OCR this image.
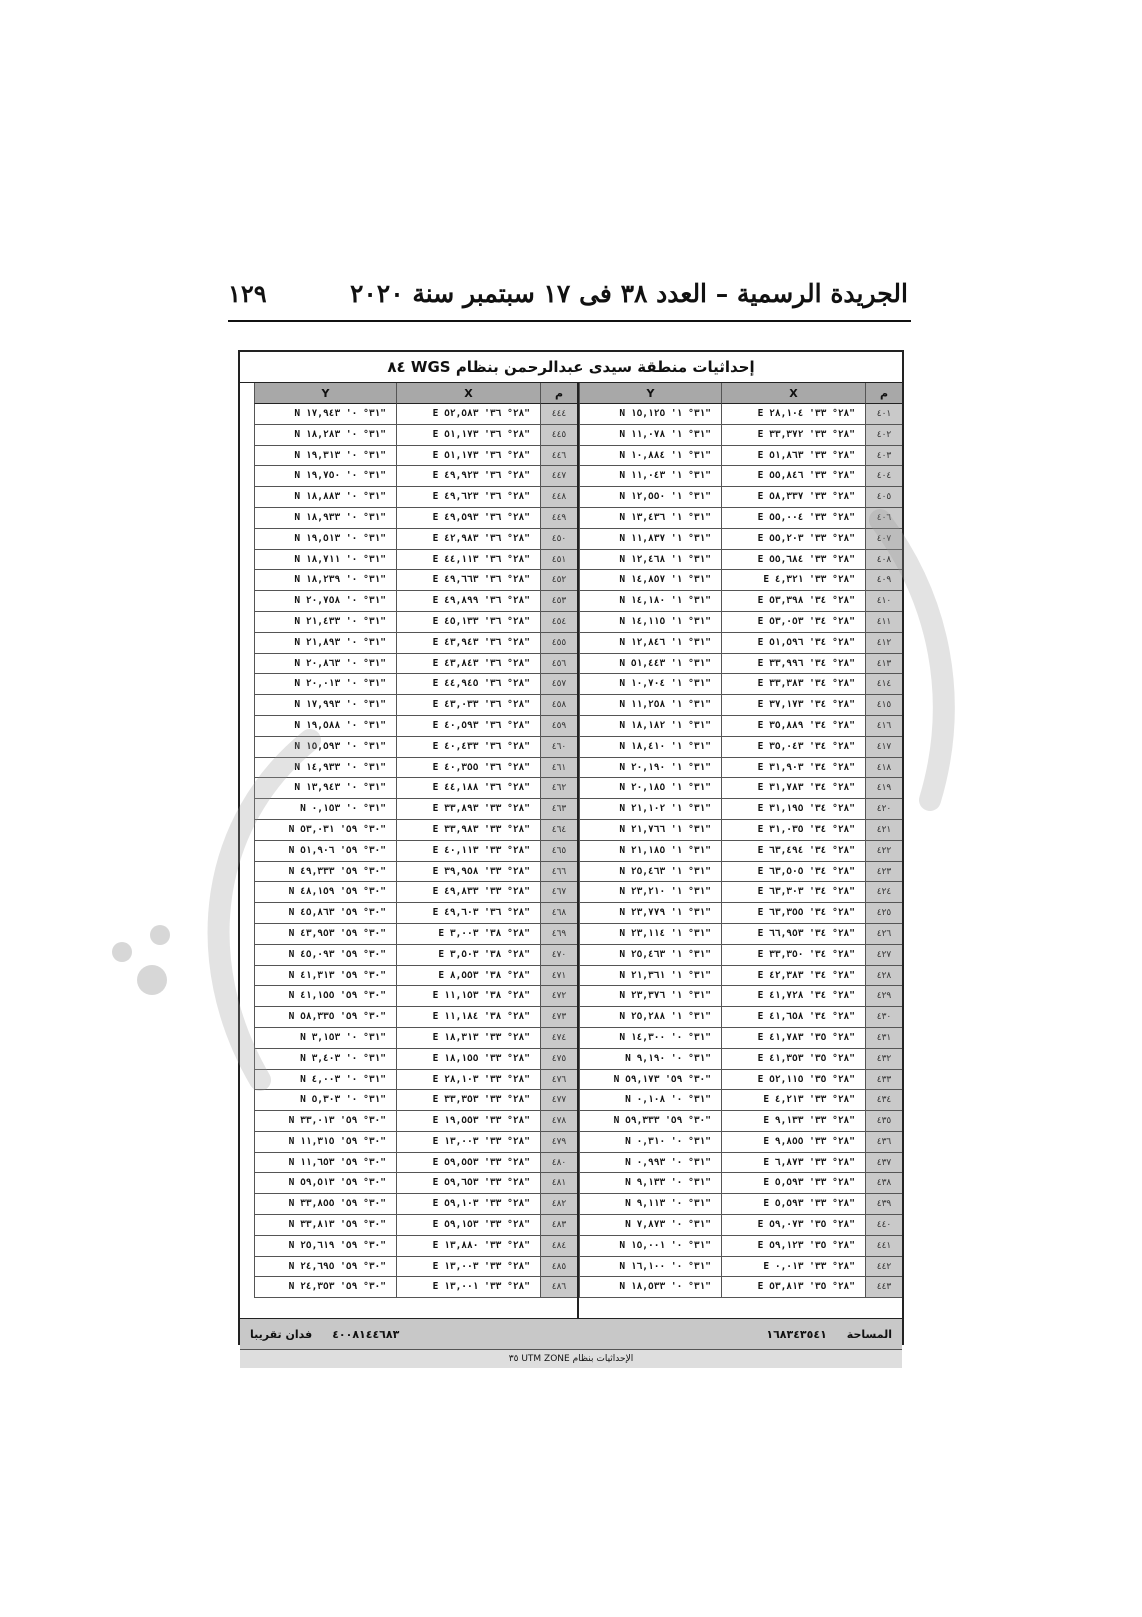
١٢٩	الجريدة الرسمية – العدد ٣٨ فى ١٧ سبتمبر سنة ٢٠٢٠
إحداثيات منطقة سيدى عبدالرحمن بنظام WGS ٨٤
م
٤٠١
٤٠٢
٤٠٣
٤٠٤
٤٠٥
٤٠٦
٤٠٧
٤٠٨
٤٠٩
٤١٠
٤١١
٤١٢
٤١٣
٤١٤
٤١٥
٤١٦
٤١٧
٤١٨
٤١٩
٤٢٠
٤٢١
٤٢٢
٤٢٣
٤٢٤
٤٢٥
٤٢٦
٤٢٧
٤٢٨
٤٢٩
٤٣٠
٤٣١
٤٣٢
٤٣٣
٤٣٤
٤٣٥
٤٣٦
٤٣٧
٤٣٨
٤٣٩
٤٤٠
٤٤١
٤٤٢
٤٤٣
X
E ٢٨° ٣٣' ٢٨,١٠٤"
E ٢٨° ٣٣' ٣٣,٣٧٢"
E ٢٨° ٣٣' ٥١,٨٦٣"
E ٢٨° ٣٣' ٥٥,٨٤٦"
E ٢٨° ٣٣' ٥٨,٣٣٧"
E ٢٨° ٣٣' ٥٥,٠٠٤"
E ٢٨° ٣٣' ٥٥,٢٠٣"
E ٢٨° ٣٣' ٥٥,٦٨٤"
E ٢٨° ٣٣' ٤,٣٢١"
E ٢٨° ٣٤' ٥٣,٣٩٨"
E ٢٨° ٣٤' ٥٣,٠٥٣"
E ٢٨° ٣٤' ٥١,٥٩٦"
E ٢٨° ٣٤' ٣٣,٩٩٦"
E ٢٨° ٣٤' ٣٣,٣٨٣"
E ٢٨° ٣٤' ٣٧,١٧٣"
E ٢٨° ٣٤' ٣٥,٨٨٩"
E ٢٨° ٣٤' ٣٥,٠٤٣"
E ٢٨° ٣٤' ٣١,٩٠٣"
E ٢٨° ٣٤' ٣١,٧٨٣"
E ٢٨° ٣٤' ٣١,١٩٥"
E ٢٨° ٣٤' ٣١,٠٣٥"
E ٢٨° ٣٤' ٦٣,٤٩٤"
E ٢٨° ٣٤' ٦٣,٥٠٥"
E ٢٨° ٣٤' ٦٣,٣٠٣"
E ٢٨° ٣٤' ٦٣,٣٥٥"
E ٢٨° ٣٤' ٦٦,٩٥٣"
E ٢٨° ٣٤' ٣٣,٣٥٠"
E ٢٨° ٣٤' ٤٢,٣٨٣"
E ٢٨° ٣٤' ٤١,٧٢٨"
E ٢٨° ٣٤' ٤١,٦٥٨"
E ٢٨° ٣٥' ٤١,٧٨٣"
E ٢٨° ٣٥' ٤١,٣٥٣"
E ٢٨° ٣٥' ٥٢,١١٥"
E ٢٨° ٣٣' ٤,٢١٣"
E ٢٨° ٣٣' ٩,١٣٣"
E ٢٨° ٣٣' ٩,٨٥٥"
E ٢٨° ٣٣' ٦,٨٧٣"
E ٢٨° ٣٣' ٥,٥٩٣"
E ٢٨° ٣٣' ٥,٥٩٣"
E ٢٨° ٣٥' ٥٩,٠٧٣"
E ٢٨° ٣٥' ٥٩,١٢٣"
E ٢٨° ٣٣' ٠,٠١٣"
E ٢٨° ٣٥' ٥٣,٨١٣"
Y
N ٣١° ١' ١٥,١٢٥"
N ٣١° ١' ١١,٠٧٨"
N ٣١° ١' ١٠,٨٨٤"
N ٣١° ١' ١١,٠٤٣"
N ٣١° ١' ١٢,٥٥٠"
N ٣١° ١' ١٣,٤٣٦"
N ٣١° ١' ١١,٨٣٧"
N ٣١° ١' ١٢,٤٦٨"
N ٣١° ١' ١٤,٨٥٧"
N ٣١° ١' ١٤,١٨٠"
N ٣١° ١' ١٤,١١٥"
N ٣١° ١' ١٢,٨٤٦"
N ٣١° ١' ٥١,٤٤٣"
N ٣١° ١' ١٠,٧٠٤"
N ٣١° ١' ١١,٢٥٨"
N ٣١° ١' ١٨,١٨٢"
N ٣١° ١' ١٨,٤١٠"
N ٣١° ١' ٢٠,١٩٠"
N ٣١° ١' ٢٠,١٨٥"
N ٣١° ١' ٢١,١٠٢"
N ٣١° ١' ٢١,٧٦٦"
N ٣١° ١' ٢١,١٨٥"
N ٣١° ١' ٢٥,٤٦٣"
N ٣١° ١' ٢٣,٢١٠"
N ٣١° ١' ٢٣,٧٧٩"
N ٣١° ١' ٢٣,١١٤"
N ٣١° ١' ٢٥,٤٦٣"
N ٣١° ١' ٢١,٣٦١"
N ٣١° ١' ٢٣,٣٧٦"
N ٣١° ١' ٢٥,٢٨٨"
N ٣١° ٠' ١٤,٣٠٠"
N ٣١° ٠' ٩,١٩٠"
N ٣٠° ٥٩' ٥٩,١٧٣"
N ٣١° ٠' ٠,١٠٨"
N ٣٠° ٥٩' ٥٩,٣٣٣"
N ٣١° ٠' ٠,٣١٠"
N ٣١° ٠' ٠,٩٩٣"
N ٣١° ٠' ٩,١٣٣"
N ٣١° ٠' ٩,١١٣"
N ٣١° ٠' ٧,٨٧٣"
N ٣١° ٠' ١٥,٠٠١"
N ٣١° ٠' ١٦,١٠٠"
N ٣١° ٠' ١٨,٥٣٣"
م
٤٤٤
٤٤٥
٤٤٦
٤٤٧
٤٤٨
٤٤٩
٤٥٠
٤٥١
٤٥٢
٤٥٣
٤٥٤
٤٥٥
٤٥٦
٤٥٧
٤٥٨
٤٥٩
٤٦٠
٤٦١
٤٦٢
٤٦٣
٤٦٤
٤٦٥
٤٦٦
٤٦٧
٤٦٨
٤٦٩
٤٧٠
٤٧١
٤٧٢
٤٧٣
٤٧٤
٤٧٥
٤٧٦
٤٧٧
٤٧٨
٤٧٩
٤٨٠
٤٨١
٤٨٢
٤٨٣
٤٨٤
٤٨٥
٤٨٦
X
E ٢٨° ٣٦' ٥٢,٥٨٣"
E ٢٨° ٣٦' ٥١,١٧٣"
E ٢٨° ٣٦' ٥١,١٧٣"
E ٢٨° ٣٦' ٤٩,٩٢٣"
E ٢٨° ٣٦' ٤٩,٦٢٣"
E ٢٨° ٣٦' ٤٩,٥٩٣"
E ٢٨° ٣٦' ٤٢,٩٨٣"
E ٢٨° ٣٦' ٤٤,١١٣"
E ٢٨° ٣٦' ٤٩,٦٦٣"
E ٢٨° ٣٦' ٤٩,٨٩٩"
E ٢٨° ٣٦' ٤٥,١٣٣"
E ٢٨° ٣٦' ٤٣,٩٤٣"
E ٢٨° ٣٦' ٤٣,٨٤٣"
E ٢٨° ٣٦' ٤٤,٩٤٥"
E ٢٨° ٣٦' ٤٣,٠٣٣"
E ٢٨° ٣٦' ٤٠,٥٩٣"
E ٢٨° ٣٦' ٤٠,٤٣٣"
E ٢٨° ٣٦' ٤٠,٣٥٥"
E ٢٨° ٣٦' ٤٤,١٨٨"
E ٢٨° ٣٣' ٣٣,٨٩٣"
E ٢٨° ٣٣' ٣٣,٩٨٣"
E ٢٨° ٣٣' ٤٠,١١٣"
E ٢٨° ٣٣' ٣٩,٩٥٨"
E ٢٨° ٣٣' ٤٩,٨٣٣"
E ٢٨° ٣٦' ٤٩,٦٠٣"
E ٢٨° ٣٨' ٣,٠٠٣"
E ٢٨° ٣٨' ٣,٥٠٣"
E ٢٨° ٣٨' ٨,٥٥٣"
E ٢٨° ٣٨' ١١,١٥٣"
E ٢٨° ٣٨' ١١,١٨٤"
E ٢٨° ٣٣' ١٨,٣١٣"
E ٢٨° ٣٣' ١٨,١٥٥"
E ٢٨° ٣٣' ٢٨,١٠٣"
E ٢٨° ٣٣' ٣٣,٣٥٣"
E ٢٨° ٣٣' ١٩,٥٥٣"
E ٢٨° ٣٣' ١٣,٠٠٣"
E ٢٨° ٣٣' ٥٩,٥٥٣"
E ٢٨° ٣٣' ٥٩,٦٥٣"
E ٢٨° ٣٣' ٥٩,١٠٣"
E ٢٨° ٣٣' ٥٩,١٥٣"
E ٢٨° ٣٣' ١٣,٨٨٠"
E ٢٨° ٣٣' ١٣,٠٠٣"
E ٢٨° ٣٣' ١٣,٠٠١"
Y
N ٣١° ٠' ١٧,٩٤٣"
N ٣١° ٠' ١٨,٢٨٣"
N ٣١° ٠' ١٩,٣١٣"
N ٣١° ٠' ١٩,٧٥٠"
N ٣١° ٠' ١٨,٨٨٣"
N ٣١° ٠' ١٨,٩٣٣"
N ٣١° ٠' ١٩,٥١٣"
N ٣١° ٠' ١٨,٧١١"
N ٣١° ٠' ١٨,٢٣٩"
N ٣١° ٠' ٢٠,٧٥٨"
N ٣١° ٠' ٢١,٤٣٣"
N ٣١° ٠' ٢١,٨٩٣"
N ٣١° ٠' ٢٠,٨٦٣"
N ٣١° ٠' ٢٠,٠١٣"
N ٣١° ٠' ١٧,٩٩٣"
N ٣١° ٠' ١٩,٥٨٨"
N ٣١° ٠' ١٥,٥٩٣"
N ٣١° ٠' ١٤,٩٣٣"
N ٣١° ٠' ١٣,٩٤٣"
N ٣١° ٠' ٠,١٥٣"
N ٣٠° ٥٩' ٥٣,٠٣١"
N ٣٠° ٥٩' ٥١,٩٠٦"
N ٣٠° ٥٩' ٤٩,٣٣٣"
N ٣٠° ٥٩' ٤٨,١٥٩"
N ٣٠° ٥٩' ٤٥,٨٦٣"
N ٣٠° ٥٩' ٤٣,٩٥٣"
N ٣٠° ٥٩' ٤٥,٠٩٣"
N ٣٠° ٥٩' ٤١,٣١٣"
N ٣٠° ٥٩' ٤١,١٥٥"
N ٣٠° ٥٩' ٥٨,٣٣٥"
N ٣١° ٠' ٣,١٥٣"
N ٣١° ٠' ٣,٤٠٣"
N ٣١° ٠' ٤,٠٠٣"
N ٣١° ٠' ٥,٣٠٣"
N ٣٠° ٥٩' ٣٣,٠١٣"
N ٣٠° ٥٩' ١١,٣١٥"
N ٣٠° ٥٩' ١١,٦٥٣"
N ٣٠° ٥٩' ٥٩,٥١٣"
N ٣٠° ٥٩' ٣٣,٨٥٥"
N ٣٠° ٥٩' ٣٣,٨١٣"
N ٣٠° ٥٩' ٢٥,٦١٩"
N ٣٠° ٥٩' ٢٤,٦٩٥"
N ٣٠° ٥٩' ٢٤,٣٥٣"
المساحة
١٦٨٣٤٣٥٤١
٤٠٠٨١٤٤٦٨٣
فدان تقريبا
الإحداثيات بنظام UTM ZONE ٣٥
